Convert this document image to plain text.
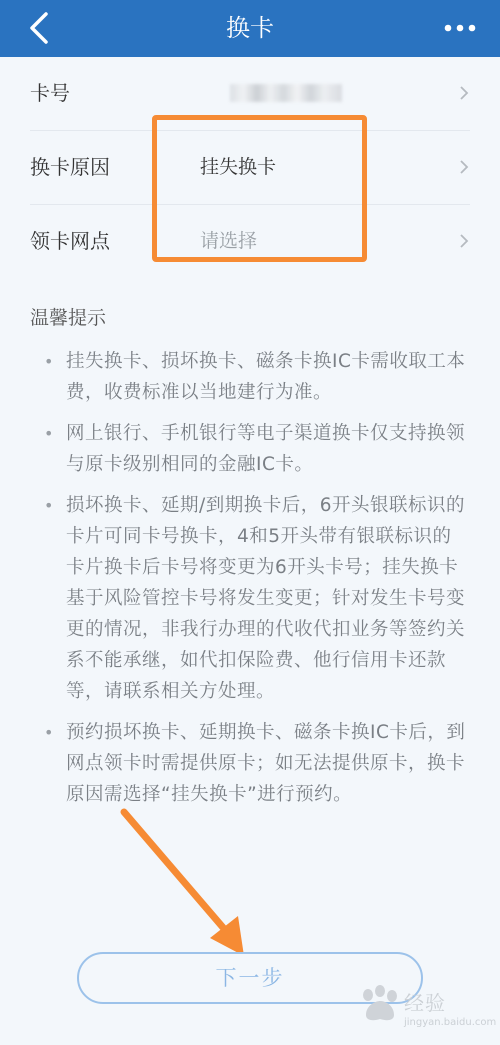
换卡
卡号
换卡原因	挂失换卡
领卡网点	请选择
温馨提示
• 挂失换卡、损坏换卡、磁条卡换IC卡需收取工本费，收费标准以当地建行为准。
• 网上银行、手机银行等电子渠道换卡仅支持换领与原卡级别相同的金融IC卡。
• 损坏换卡、延期/到期换卡后，6开头银联标识的卡片可同卡号换卡，4和5开头带有银联标识的卡片换卡后卡号将变更为6开头卡号；挂失换卡基于风险管控卡号将发生变更；针对发生卡号变更的情况，非我行办理的代收代扣业务等签约关系不能承继，如代扣保险费、他行信用卡还款等，请联系相关方处理。
• 预约损坏换卡、延期换卡、磁条卡换IC卡后，到网点领卡时需提供原卡；如无法提供原卡，换卡原因需选择“挂失换卡”进行预约。
下一步
经验
jingyan.baidu.com
